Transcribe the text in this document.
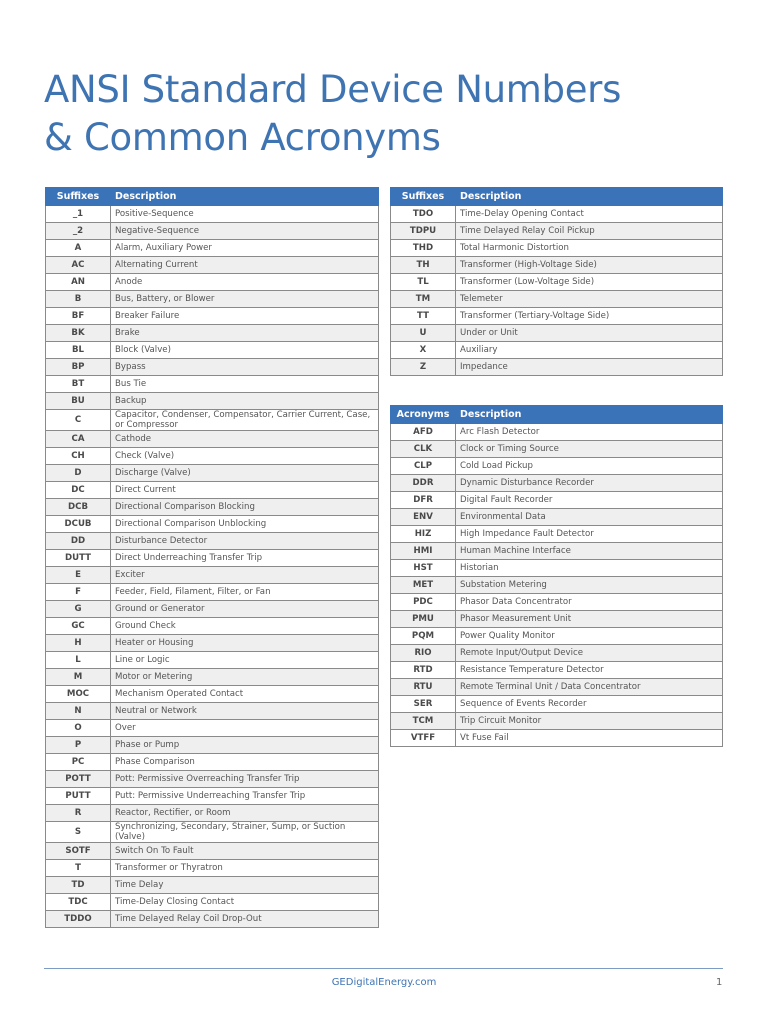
ANSI Standard Device Numbers
& Common Acronyms
Suffixes	Description
_1	Positive-Sequence
_2	Negative-Sequence
A	Alarm, Auxiliary Power
AC	Alternating Current
AN	Anode
B	Bus, Battery, or Blower
BF	Breaker Failure
BK	Brake
BL	Block (Valve)
BP	Bypass
BT	Bus Tie
BU	Backup
C	Capacitor, Condenser, Compensator, Carrier Current, Case, or Compressor
CA	Cathode
CH	Check (Valve)
D	Discharge (Valve)
DC	Direct Current
DCB	Directional Comparison Blocking
DCUB	Directional Comparison Unblocking
DD	Disturbance Detector
DUTT	Direct Underreaching Transfer Trip
E	Exciter
F	Feeder, Field, Filament, Filter, or Fan
G	Ground or Generator
GC	Ground Check
H	Heater or Housing
L	Line or Logic
M	Motor or Metering
MOC	Mechanism Operated Contact
N	Neutral or Network
O	Over
P	Phase or Pump
PC	Phase Comparison
POTT	Pott: Permissive Overreaching Transfer Trip
PUTT	Putt: Permissive Underreaching Transfer Trip
R	Reactor, Rectifier, or Room
S	Synchronizing, Secondary, Strainer, Sump, or Suction (Valve)
SOTF	Switch On To Fault
T	Transformer or Thyratron
TD	Time Delay
TDC	Time-Delay Closing Contact
TDDO	Time Delayed Relay Coil Drop-Out
Suffixes	Description
TDO	Time-Delay Opening Contact
TDPU	Time Delayed Relay Coil Pickup
THD	Total Harmonic Distortion
TH	Transformer (High-Voltage Side)
TL	Transformer (Low-Voltage Side)
TM	Telemeter
TT	Transformer (Tertiary-Voltage Side)
U	Under or Unit
X	Auxiliary
Z	Impedance
Acronyms	Description
AFD	Arc Flash Detector
CLK	Clock or Timing Source
CLP	Cold Load Pickup
DDR	Dynamic Disturbance Recorder
DFR	Digital Fault Recorder
ENV	Environmental Data
HIZ	High Impedance Fault Detector
HMI	Human Machine Interface
HST	Historian
MET	Substation Metering
PDC	Phasor Data Concentrator
PMU	Phasor Measurement Unit
PQM	Power Quality Monitor
RIO	Remote Input/Output Device
RTD	Resistance Temperature Detector
RTU	Remote Terminal Unit / Data Concentrator
SER	Sequence of Events Recorder
TCM	Trip Circuit Monitor
VTFF	Vt Fuse Fail
GEDigitalEnergy.com	1
